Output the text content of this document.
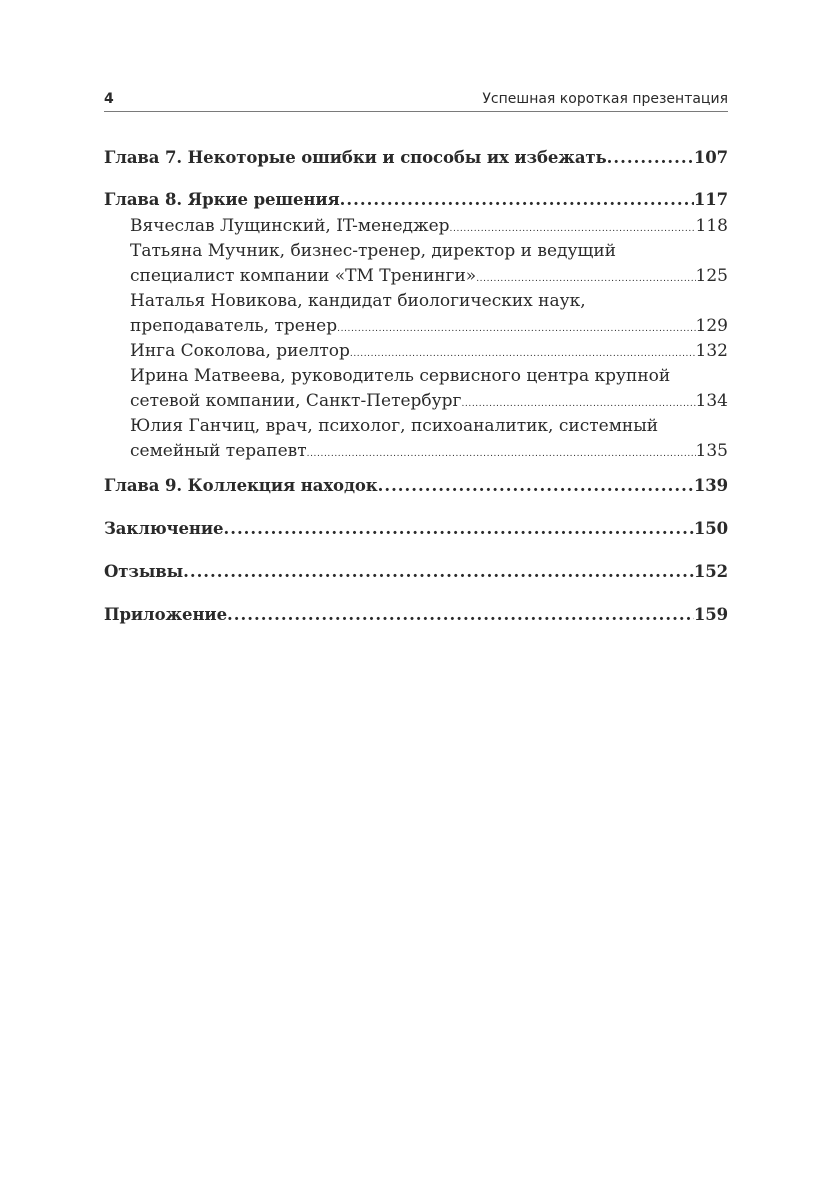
4	Успешная короткая презентация
Глава 7. Некоторые ошибки и способы их избежать .....	107
Глава 8. Яркие решения .....	117
Вячеслав Лущинский, IT-менеджер .....	118
Татьяна Мучник, бизнес-тренер, директор и ведущий
специалист компании «ТМ Тренинги» .....	125
Наталья Новикова, кандидат биологических наук,
преподаватель, тренер .....	129
Инга Соколова, риелтор .....	132
Ирина Матвеева, руководитель сервисного центра крупной
сетевой компании, Санкт-Петербург .....	134
Юлия Ганчиц, врач, психолог, психоаналитик, системный
семейный терапевт .....	135
Глава 9. Коллекция находок .....	139
Заключение .....	150
Отзывы .....	152
Приложение .....	159
